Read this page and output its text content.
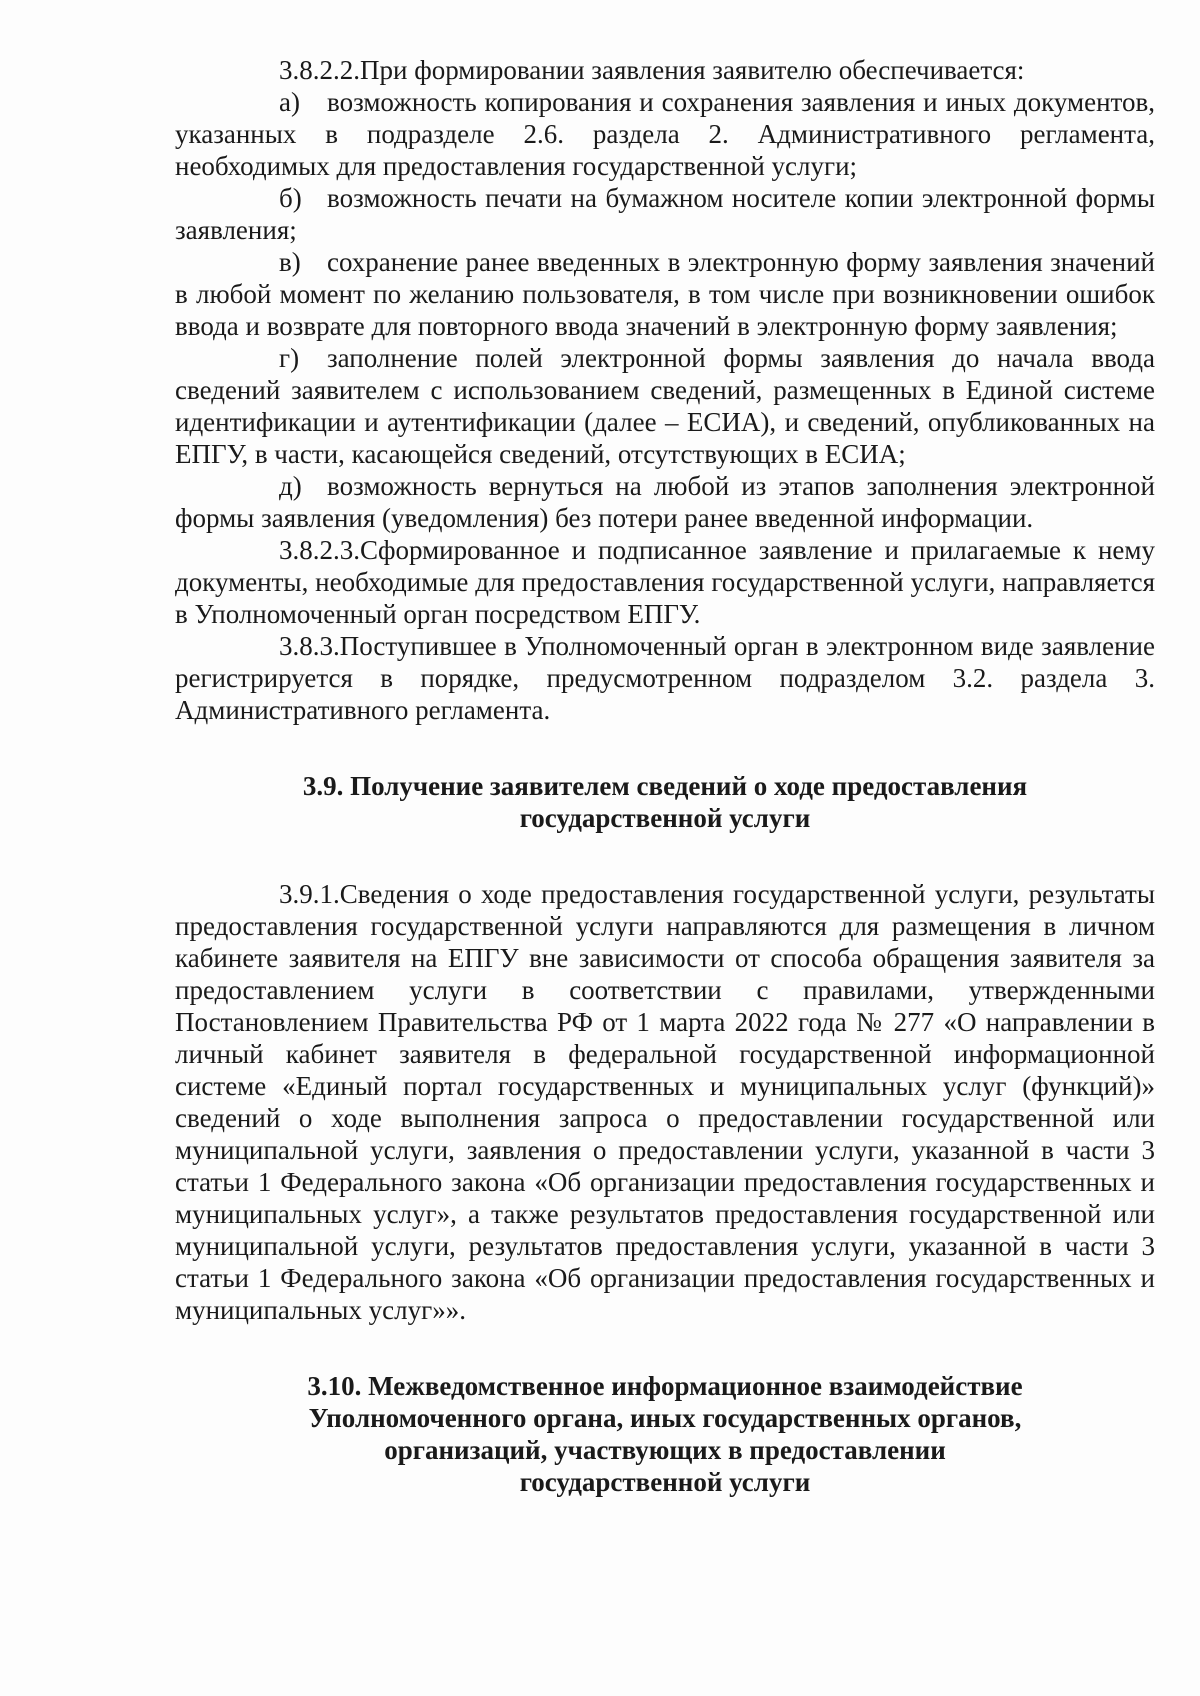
3.8.2.2.При формировании заявления заявителю обеспечивается:

а) возможность копирования и сохранения заявления и иных документов, указанных в подразделе 2.6. раздела 2. Административного регламента, необходимых для предоставления государственной услуги;

б) возможность печати на бумажном носителе копии электронной формы заявления;

в) сохранение ранее введенных в электронную форму заявления значений в любой момент по желанию пользователя, в том числе при возникновении ошибок ввода и возврате для повторного ввода значений в электронную форму заявления;

г) заполнение полей электронной формы заявления до начала ввода сведений заявителем с использованием сведений, размещенных в Единой системе идентификации и аутентификации (далее – ЕСИА), и сведений, опубликованных на ЕПГУ, в части, касающейся сведений, отсутствующих в ЕСИА;

д) возможность вернуться на любой из этапов заполнения электронной формы заявления (уведомления) без потери ранее введенной информации.

3.8.2.3.Сформированное и подписанное заявление и прилагаемые к нему документы, необходимые для предоставления государственной услуги, направляется в Уполномоченный орган посредством ЕПГУ.

3.8.3.Поступившее в Уполномоченный орган в электронном виде заявление регистрируется в порядке, предусмотренном подразделом 3.2. раздела 3. Административного регламента.

3.9. Получение заявителем сведений о ходе предоставления
государственной услуги

3.9.1.Сведения о ходе предоставления государственной услуги, результаты предоставления государственной услуги направляются для размещения в личном кабинете заявителя на ЕПГУ вне зависимости от способа обращения заявителя за предоставлением услуги в соответствии с правилами, утвержденными Постановлением Правительства РФ от 1 марта 2022 года № 277 «О направлении в личный кабинет заявителя в федеральной государственной информационной системе «Единый портал государственных и муниципальных услуг (функций)» сведений о ходе выполнения запроса о предоставлении государственной или муниципальной услуги, заявления о предоставлении услуги, указанной в части 3 статьи 1 Федерального закона «Об организации предоставления государственных и муниципальных услуг», а также результатов предоставления государственной или муниципальной услуги, результатов предоставления услуги, указанной в части 3 статьи 1 Федерального закона «Об организации предоставления государственных и муниципальных услуг»».

3.10. Межведомственное информационное взаимодействие
Уполномоченного органа, иных государственных органов,
организаций, участвующих в предоставлении
государственной услуги
